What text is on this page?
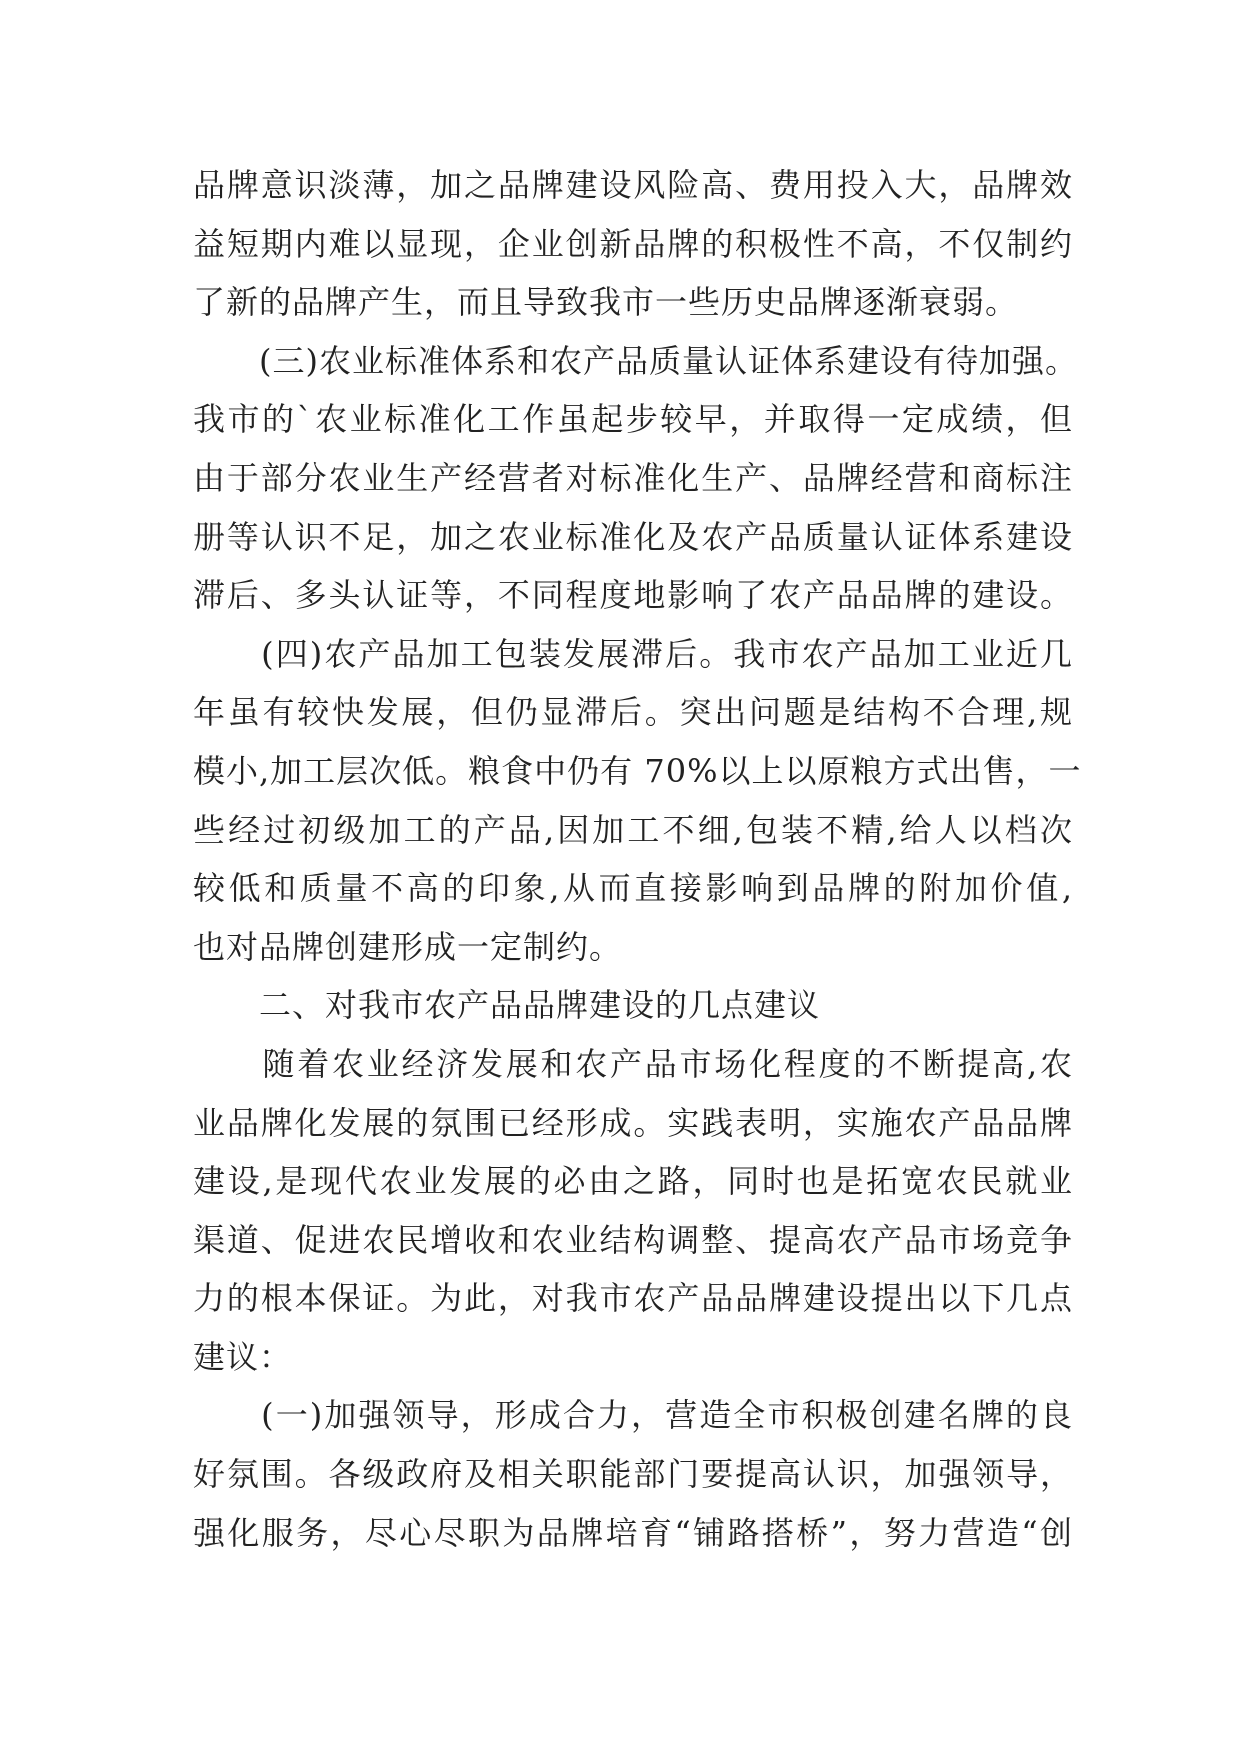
品牌意识淡薄，加之品牌建设风险高、费用投入大，品牌效
益短期内难以显现，企业创新品牌的积极性不高，不仅制约
了新的品牌产生，而且导致我市一些历史品牌逐渐衰弱。
　　(三)农业标准体系和农产品质量认证体系建设有待加强。
我市的`农业标准化工作虽起步较早，并取得一定成绩，但
由于部分农业生产经营者对标准化生产、品牌经营和商标注
册等认识不足，加之农业标准化及农产品质量认证体系建设
滞后、多头认证等，不同程度地影响了农产品品牌的建设。
　　(四)农产品加工包装发展滞后。我市农产品加工业近几
年虽有较快发展，但仍显滞后。突出问题是结构不合理,规
模小,加工层次低。粮食中仍有 70%以上以原粮方式出售，一
些经过初级加工的产品,因加工不细,包装不精,给人以档次
较低和质量不高的印象,从而直接影响到品牌的附加价值,
也对品牌创建形成一定制约。
　　二、对我市农产品品牌建设的几点建议
　　随着农业经济发展和农产品市场化程度的不断提高,农
业品牌化发展的氛围已经形成。实践表明，实施农产品品牌
建设,是现代农业发展的必由之路，同时也是拓宽农民就业
渠道、促进农民增收和农业结构调整、提高农产品市场竞争
力的根本保证。为此，对我市农产品品牌建设提出以下几点
建议：
　　(一)加强领导，形成合力，营造全市积极创建名牌的良
好氛围。各级政府及相关职能部门要提高认识，加强领导，
强化服务，尽心尽职为品牌培育“铺路搭桥”，努力营造“创
